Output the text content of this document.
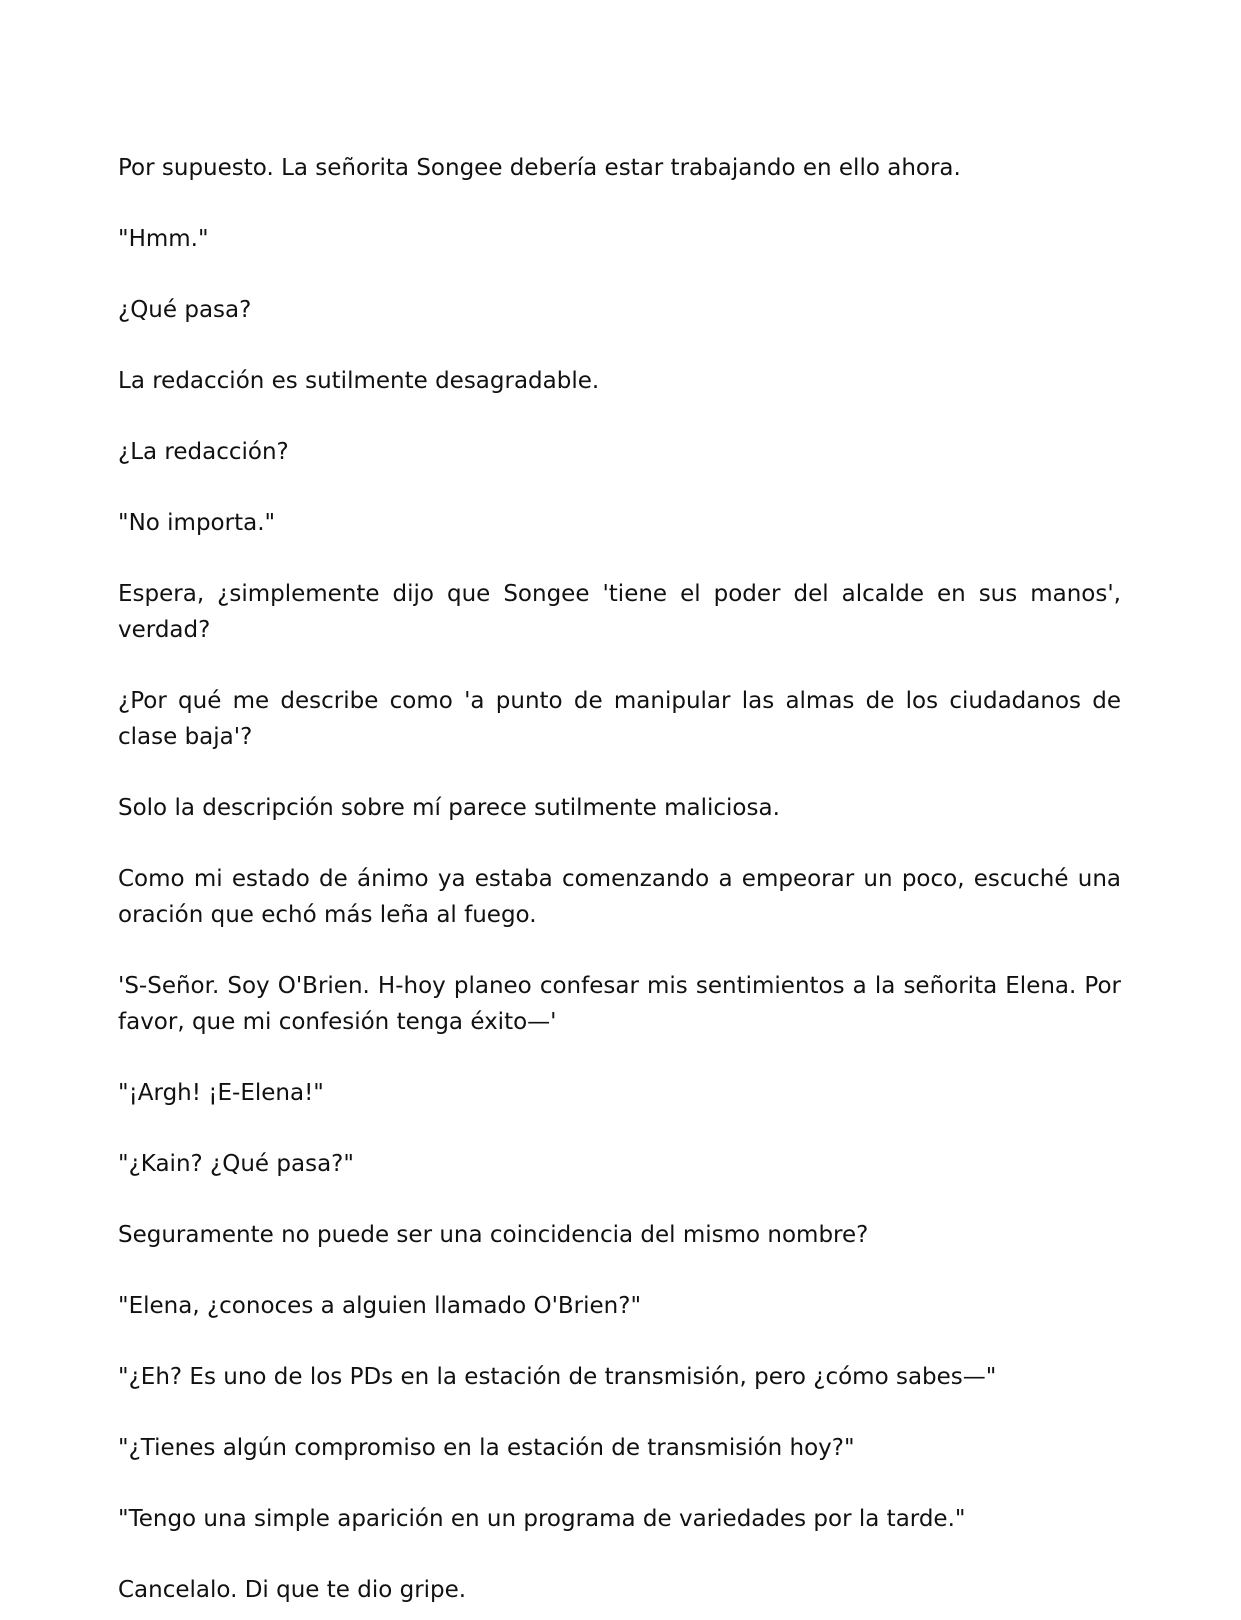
Por supuesto. La señorita Songee debería estar trabajando en ello ahora.

"Hmm."

¿Qué pasa?

La redacción es sutilmente desagradable.

¿La redacción?

"No importa."

Espera, ¿simplemente dijo que Songee 'tiene el poder del alcalde en sus manos', verdad?

¿Por qué me describe como 'a punto de manipular las almas de los ciudadanos de clase baja'?

Solo la descripción sobre mí parece sutilmente maliciosa.

Como mi estado de ánimo ya estaba comenzando a empeorar un poco, escuché una oración que echó más leña al fuego.

'S-Señor. Soy O'Brien. H-hoy planeo confesar mis sentimientos a la señorita Elena. Por favor, que mi confesión tenga éxito—'

"¡Argh! ¡E-Elena!"

"¿Kain? ¿Qué pasa?"

Seguramente no puede ser una coincidencia del mismo nombre?

"Elena, ¿conoces a alguien llamado O'Brien?"

"¿Eh? Es uno de los PDs en la estación de transmisión, pero ¿cómo sabes—"

"¿Tienes algún compromiso en la estación de transmisión hoy?"

"Tengo una simple aparición en un programa de variedades por la tarde."

Cancelalo. Di que te dio gripe.
